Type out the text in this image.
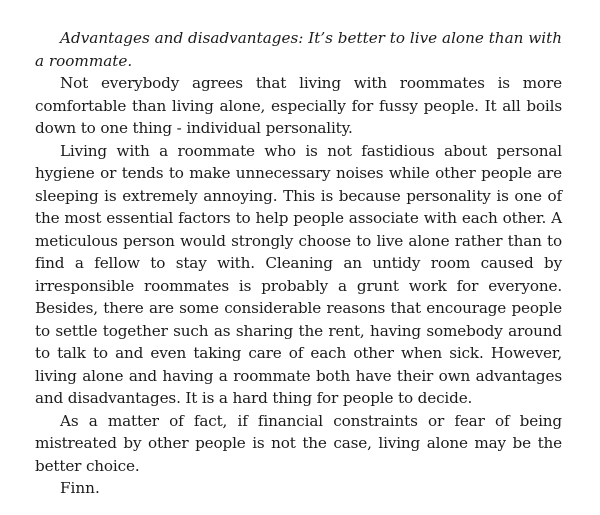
Advantages and disadvantages: It’s better to live alone than with a roommate.

Not everybody agrees that living with roommates is more comfortable than living alone, especially for fussy people. It all boils down to one thing - individual personality.

Living with a roommate who is not fastidious about personal hygiene or tends to make unnecessary noises while other people are sleeping is extremely annoying. This is because personality is one of the most essential factors to help people associate with each other. A meticulous person would strongly choose to live alone rather than to find a fellow to stay with. Cleaning an untidy room caused by irresponsible roommates is probably a grunt work for everyone. Besides, there are some considerable reasons that encourage people to settle together such as sharing the rent, having somebody around to talk to and even taking care of each other when sick. However, living alone and having a roommate both have their own advantages and disadvantages. It is a hard thing for people to decide.

As a matter of fact, if financial constraints or fear of being mistreated by other people is not the case, living alone may be the better choice.

Finn.
